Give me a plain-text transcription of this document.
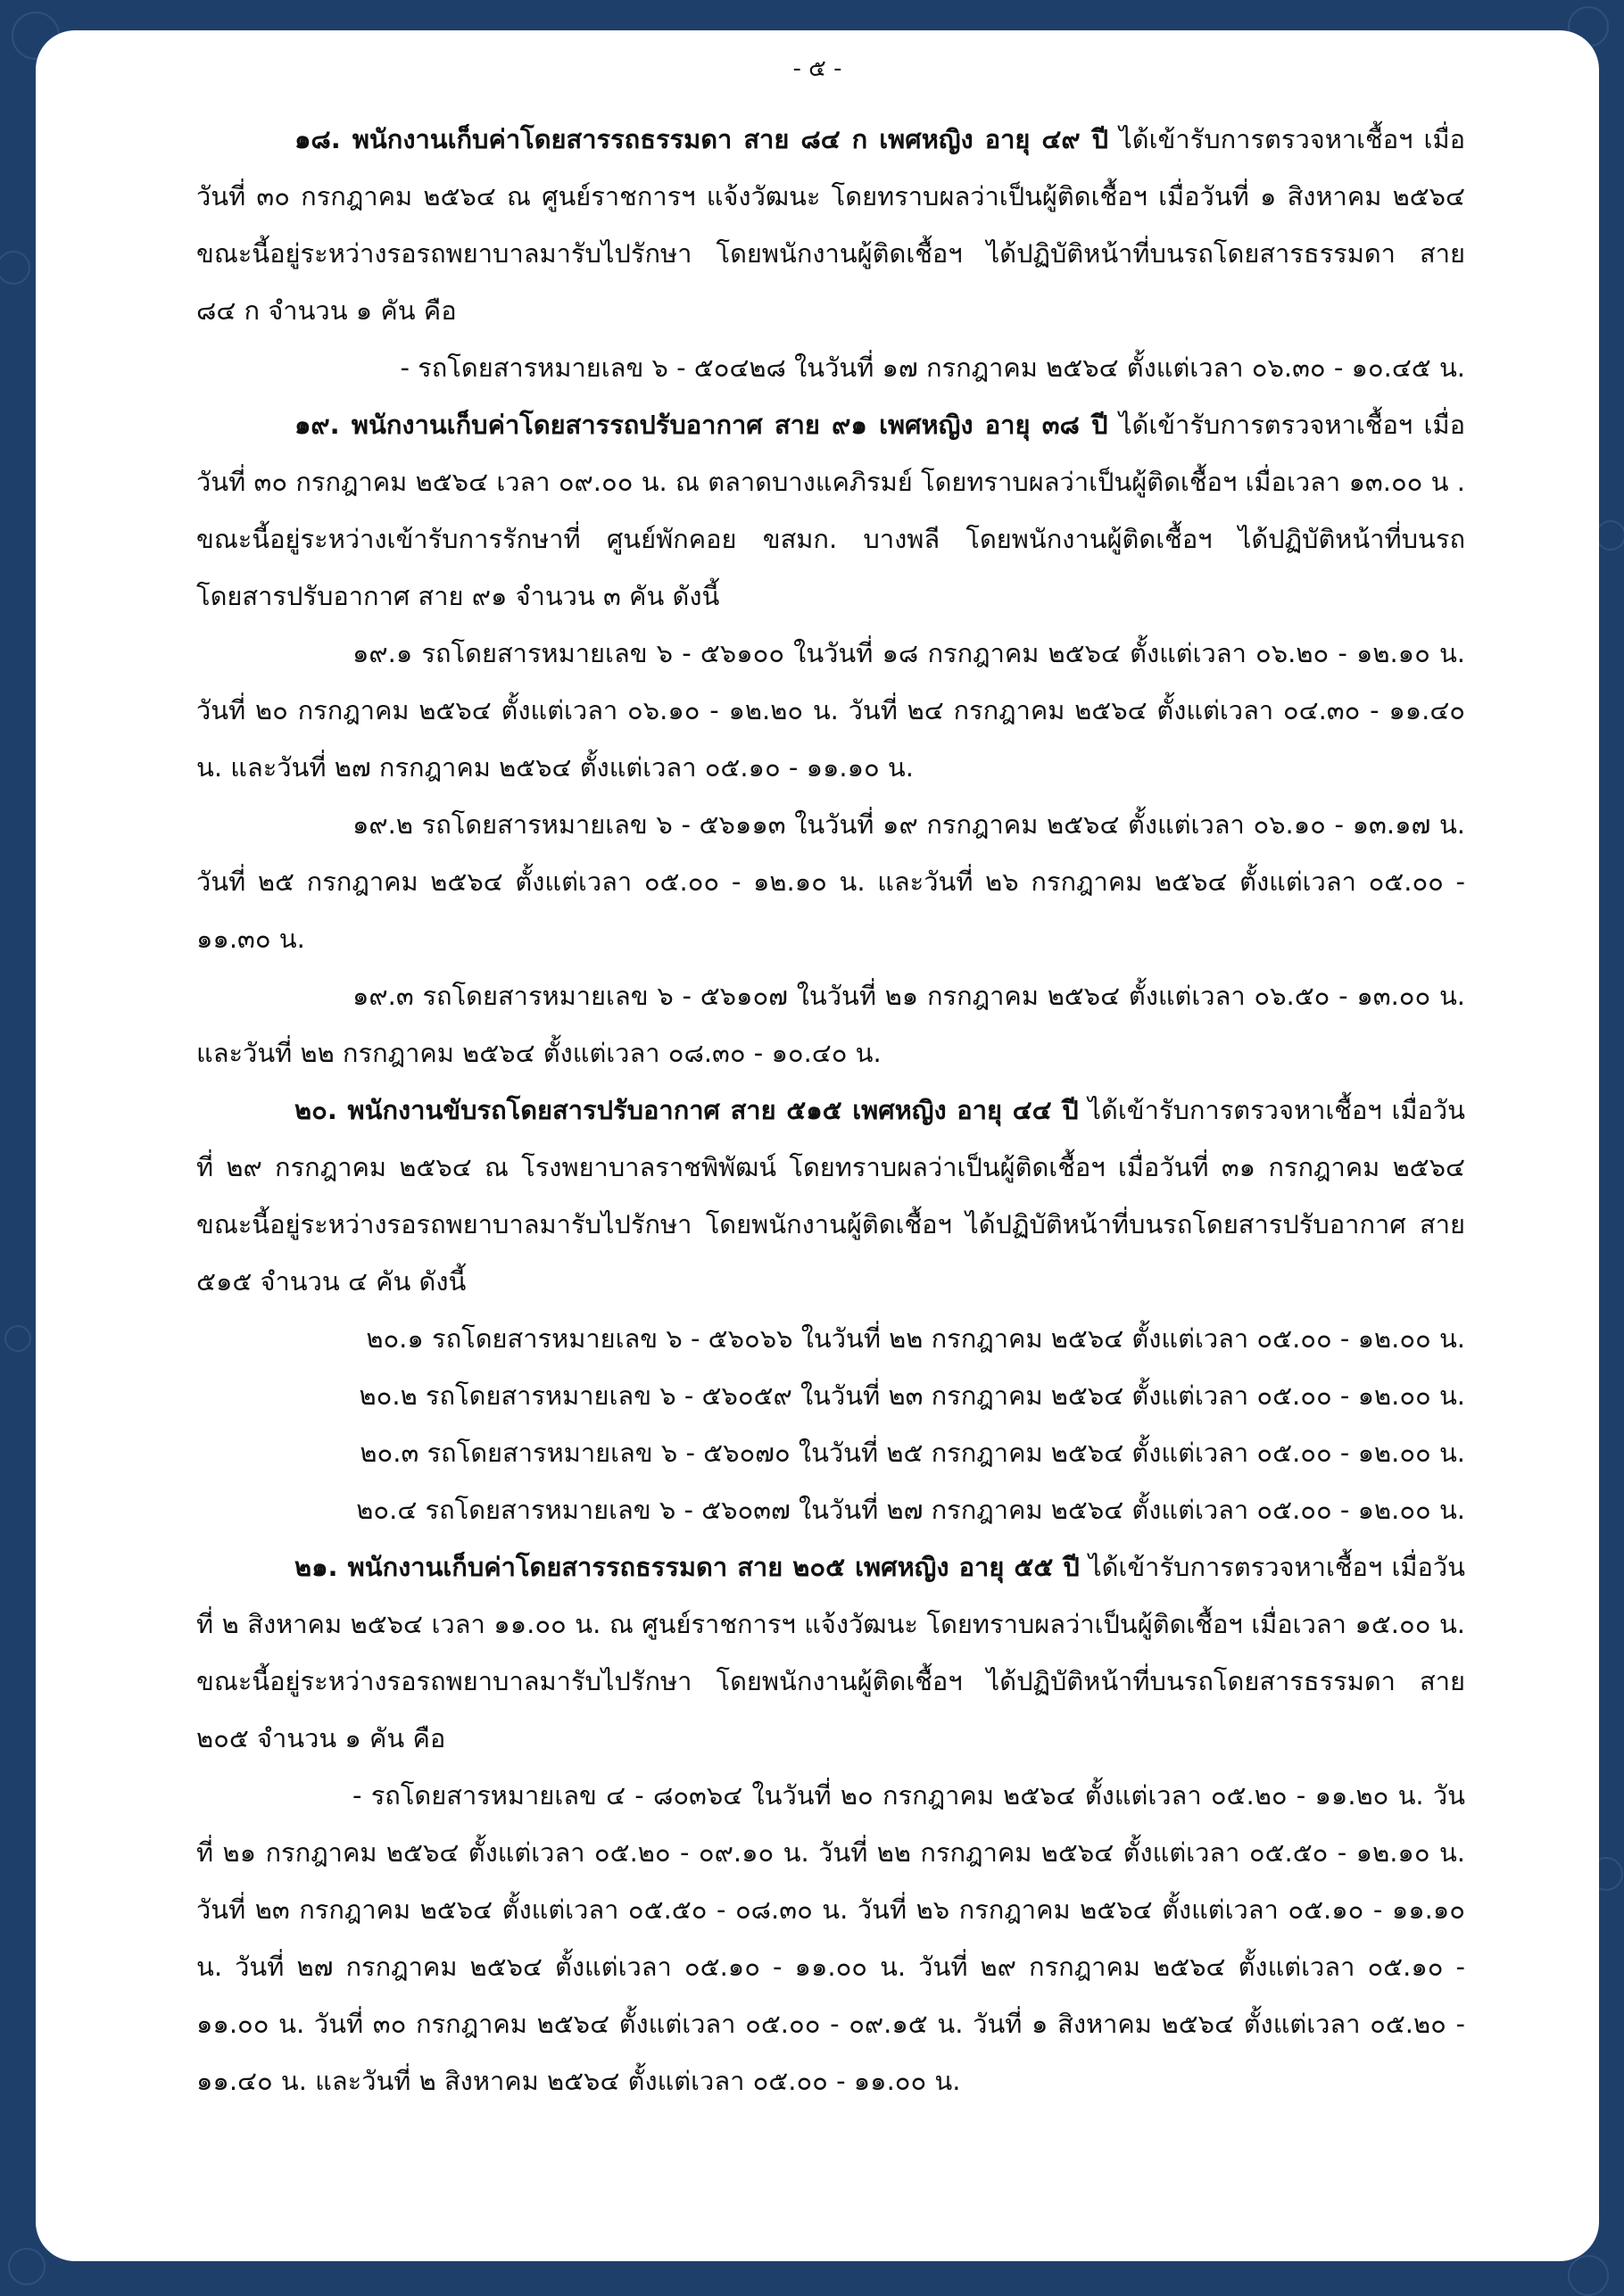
- ๕ -

๑๘. พนักงานเก็บค่าโดยสารรถธรรมดา สาย ๘๔ ก เพศหญิง อายุ ๔๙ ปี ได้เข้ารับการตรวจหาเชื้อฯ เมื่อวันที่ ๓๐ กรกฎาคม ๒๕๖๔ ณ ศูนย์ราชการฯ แจ้งวัฒนะ โดยทราบผลว่าเป็นผู้ติดเชื้อฯ เมื่อวันที่ ๑ สิงหาคม ๒๕๖๔ ขณะนี้อยู่ระหว่างรอรถพยาบาลมารับไปรักษา โดยพนักงานผู้ติดเชื้อฯ ได้ปฏิบัติหน้าที่บนรถโดยสารธรรมดา สาย ๘๔ ก จำนวน ๑ คัน คือ

- รถโดยสารหมายเลข ๖ - ๕๐๔๒๘ ในวันที่ ๑๗ กรกฎาคม ๒๕๖๔ ตั้งแต่เวลา ๐๖.๓๐ - ๑๐.๔๕ น.

๑๙. พนักงานเก็บค่าโดยสารรถปรับอากาศ สาย ๙๑ เพศหญิง อายุ ๓๘ ปี ได้เข้ารับการตรวจหาเชื้อฯ เมื่อวันที่ ๓๐ กรกฎาคม ๒๕๖๔ เวลา ๐๙.๐๐ น. ณ ตลาดบางแคภิรมย์ โดยทราบผลว่าเป็นผู้ติดเชื้อฯ เมื่อเวลา ๑๓.๐๐ น . ขณะนี้อยู่ระหว่างเข้ารับการรักษาที่ ศูนย์พักคอย ขสมก. บางพลี โดยพนักงานผู้ติดเชื้อฯ ได้ปฏิบัติหน้าที่บนรถโดยสารปรับอากาศ สาย ๙๑ จำนวน ๓ คัน ดังนี้

๑๙.๑ รถโดยสารหมายเลข ๖ - ๕๖๑๐๐ ในวันที่ ๑๘ กรกฎาคม ๒๕๖๔ ตั้งแต่เวลา ๐๖.๒๐ - ๑๒.๑๐ น. วันที่ ๒๐ กรกฎาคม ๒๕๖๔ ตั้งแต่เวลา ๐๖.๑๐ - ๑๒.๒๐ น. วันที่ ๒๔ กรกฎาคม ๒๕๖๔ ตั้งแต่เวลา ๐๔.๓๐ - ๑๑.๔๐ น. และวันที่ ๒๗ กรกฎาคม ๒๕๖๔ ตั้งแต่เวลา ๐๕.๑๐ - ๑๑.๑๐ น.

๑๙.๒ รถโดยสารหมายเลข ๖ - ๕๖๑๑๓ ในวันที่ ๑๙ กรกฎาคม ๒๕๖๔ ตั้งแต่เวลา ๐๖.๑๐ - ๑๓.๑๗ น. วันที่ ๒๕ กรกฎาคม ๒๕๖๔ ตั้งแต่เวลา ๐๕.๐๐ - ๑๒.๑๐ น. และวันที่ ๒๖ กรกฎาคม ๒๕๖๔ ตั้งแต่เวลา ๐๕.๐๐ - ๑๑.๓๐ น.

๑๙.๓ รถโดยสารหมายเลข ๖ - ๕๖๑๐๗ ในวันที่ ๒๑ กรกฎาคม ๒๕๖๔ ตั้งแต่เวลา ๐๖.๕๐ - ๑๓.๐๐ น. และวันที่ ๒๒ กรกฎาคม ๒๕๖๔ ตั้งแต่เวลา ๐๘.๓๐ - ๑๐.๔๐ น.

๒๐. พนักงานขับรถโดยสารปรับอากาศ สาย ๕๑๕ เพศหญิง อายุ ๔๔ ปี ได้เข้ารับการตรวจหาเชื้อฯ เมื่อวันที่ ๒๙ กรกฎาคม ๒๕๖๔ ณ โรงพยาบาลราชพิพัฒน์ โดยทราบผลว่าเป็นผู้ติดเชื้อฯ เมื่อวันที่ ๓๑ กรกฎาคม ๒๕๖๔ ขณะนี้อยู่ระหว่างรอรถพยาบาลมารับไปรักษา โดยพนักงานผู้ติดเชื้อฯ ได้ปฏิบัติหน้าที่บนรถโดยสารปรับอากาศ สาย ๕๑๕ จำนวน ๔ คัน ดังนี้

๒๐.๑ รถโดยสารหมายเลข ๖ - ๕๖๐๖๖ ในวันที่ ๒๒ กรกฎาคม ๒๕๖๔ ตั้งแต่เวลา ๐๕.๐๐ - ๑๒.๐๐ น.

๒๐.๒ รถโดยสารหมายเลข ๖ - ๕๖๐๕๙ ในวันที่ ๒๓ กรกฎาคม ๒๕๖๔ ตั้งแต่เวลา ๐๕.๐๐ - ๑๒.๐๐ น.

๒๐.๓ รถโดยสารหมายเลข ๖ - ๕๖๐๗๐ ในวันที่ ๒๕ กรกฎาคม ๒๕๖๔ ตั้งแต่เวลา ๐๕.๐๐ - ๑๒.๐๐ น.

๒๐.๔ รถโดยสารหมายเลข ๖ - ๕๖๐๓๗ ในวันที่ ๒๗ กรกฎาคม ๒๕๖๔ ตั้งแต่เวลา ๐๕.๐๐ - ๑๒.๐๐ น.

๒๑. พนักงานเก็บค่าโดยสารรถธรรมดา สาย ๒๐๕ เพศหญิง อายุ ๕๕ ปี ได้เข้ารับการตรวจหาเชื้อฯ เมื่อวันที่ ๒ สิงหาคม ๒๕๖๔ เวลา ๑๑.๐๐ น. ณ ศูนย์ราชการฯ แจ้งวัฒนะ โดยทราบผลว่าเป็นผู้ติดเชื้อฯ เมื่อเวลา ๑๕.๐๐ น. ขณะนี้อยู่ระหว่างรอรถพยาบาลมารับไปรักษา โดยพนักงานผู้ติดเชื้อฯ ได้ปฏิบัติหน้าที่บนรถโดยสารธรรมดา สาย ๒๐๕ จำนวน ๑ คัน คือ

- รถโดยสารหมายเลข ๔ - ๘๐๓๖๔ ในวันที่ ๒๐ กรกฎาคม ๒๕๖๔ ตั้งแต่เวลา ๐๕.๒๐ - ๑๑.๒๐ น. วันที่ ๒๑ กรกฎาคม ๒๕๖๔ ตั้งแต่เวลา ๐๕.๒๐ - ๐๙.๑๐ น. วันที่ ๒๒ กรกฎาคม ๒๕๖๔ ตั้งแต่เวลา ๐๕.๕๐ - ๑๒.๑๐ น. วันที่ ๒๓ กรกฎาคม ๒๕๖๔ ตั้งแต่เวลา ๐๕.๕๐ - ๐๘.๓๐ น. วันที่ ๒๖ กรกฎาคม ๒๕๖๔ ตั้งแต่เวลา ๐๕.๑๐ - ๑๑.๑๐ น. วันที่ ๒๗ กรกฎาคม ๒๕๖๔ ตั้งแต่เวลา ๐๕.๑๐ - ๑๑.๐๐ น. วันที่ ๒๙ กรกฎาคม ๒๕๖๔ ตั้งแต่เวลา ๐๕.๑๐ - ๑๑.๐๐ น. วันที่ ๓๐ กรกฎาคม ๒๕๖๔ ตั้งแต่เวลา ๐๕.๐๐ - ๐๙.๑๕ น. วันที่ ๑ สิงหาคม ๒๕๖๔ ตั้งแต่เวลา ๐๕.๒๐ - ๑๑.๔๐ น. และวันที่ ๒ สิงหาคม ๒๕๖๔ ตั้งแต่เวลา ๐๕.๐๐ - ๑๑.๐๐ น.
